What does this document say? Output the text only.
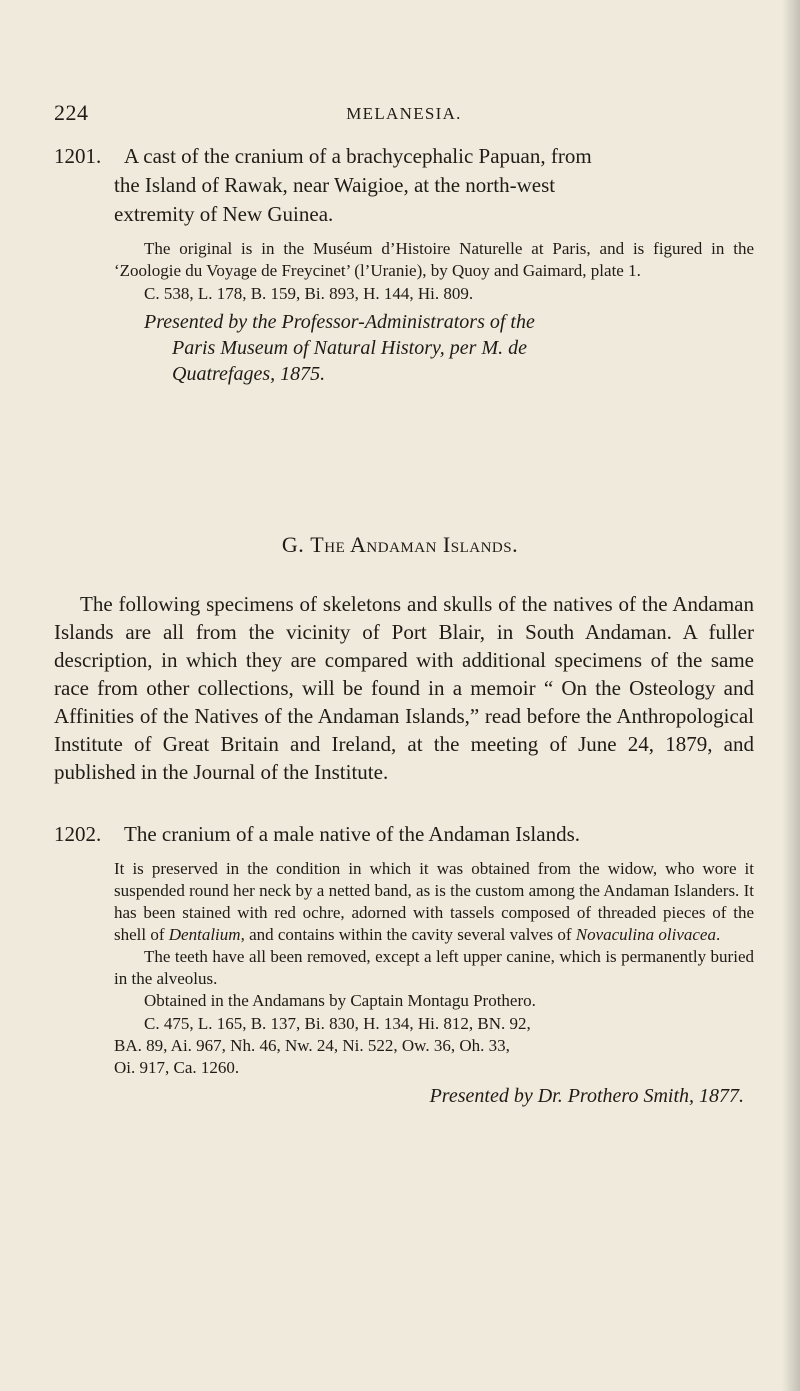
224	MELANESIA.
1201. A cast of the cranium of a brachycephalic Papuan, from
the Island of Rawak, near Waigioe, at the north-west
extremity of New Guinea.

The original is in the Muséum d’Histoire Naturelle at Paris, and is figured in the ‘Zoologie du Voyage de Freycinet’ (l’Uranie), by Quoy and Gaimard, plate 1.

C. 538, L. 178, B. 159, Bi. 893, H. 144, Hi. 809.

Presented by the Professor-Administrators of the
Paris Museum of Natural History, per M. de
Quatrefages, 1875.
G. The Andaman Islands.

The following specimens of skeletons and skulls of the natives of the Andaman Islands are all from the vicinity of Port Blair, in South Andaman. A fuller description, in which they are compared with additional specimens of the same race from other collections, will be found in a memoir “ On the Osteology and Affinities of the Natives of the Andaman Islands,” read before the Anthropological Institute of Great Britain and Ireland, at the meeting of June 24, 1879, and published in the Journal of the Institute.

1202. The cranium of a male native of the Andaman Islands.

It is preserved in the condition in which it was obtained from the widow, who wore it suspended round her neck by a netted band, as is the custom among the Andaman Islanders. It has been stained with red ochre, adorned with tassels composed of threaded pieces of the shell of Dentalium, and contains within the cavity several valves of Novaculina olivacea.

The teeth have all been removed, except a left upper canine, which is permanently buried in the alveolus.

Obtained in the Andamans by Captain Montagu Prothero.

C. 475, L. 165, B. 137, Bi. 830, H. 134, Hi. 812, BN. 92,
BA. 89, Ai. 967, Nh. 46, Nw. 24, Ni. 522, Ow. 36, Oh. 33,
Oi. 917, Ca. 1260.
Presented by Dr. Prothero Smith, 1877.
